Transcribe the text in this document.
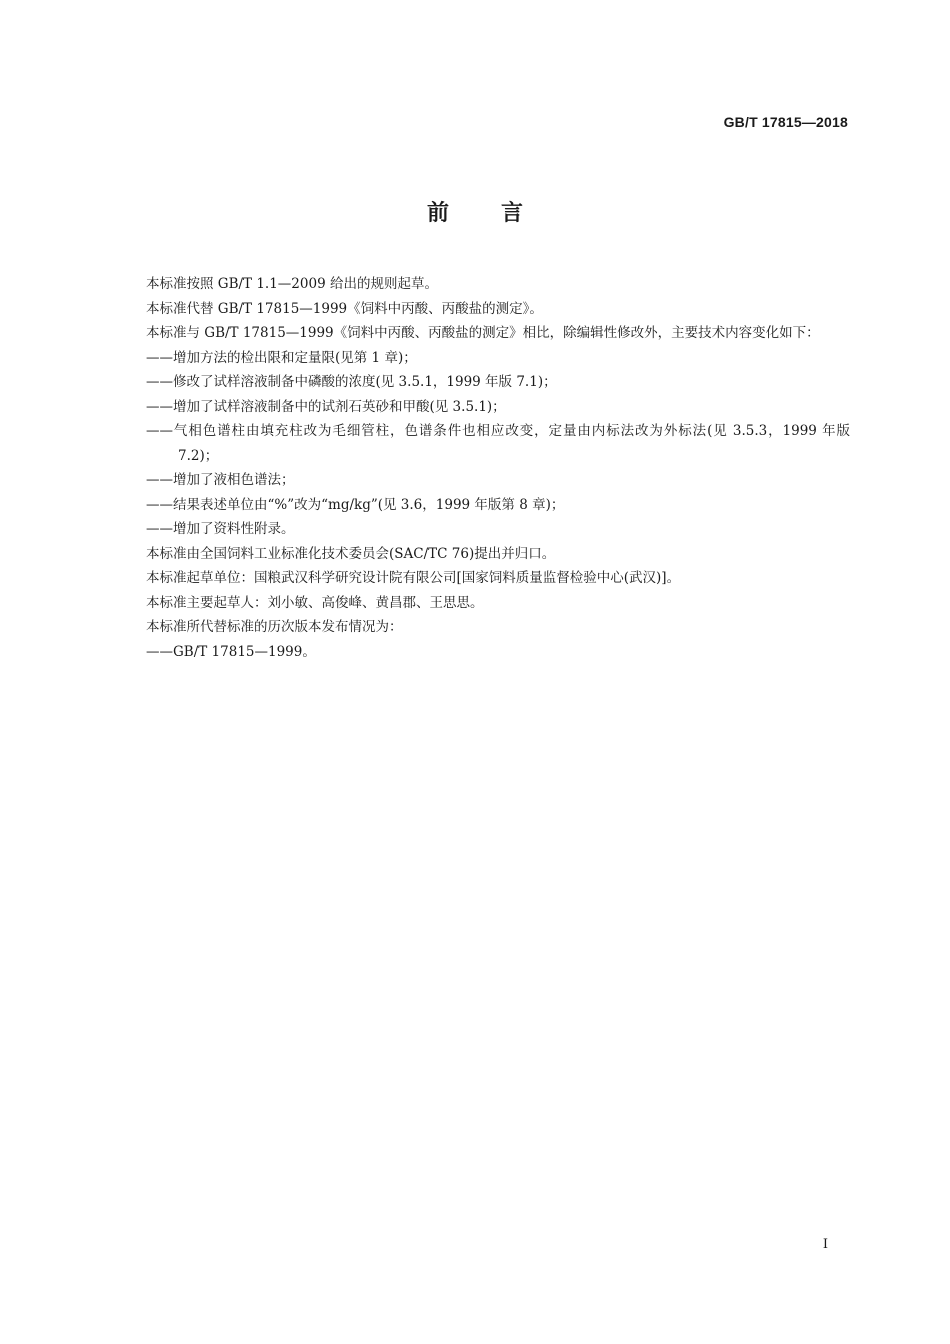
GB/T 17815—2018
前言

本标准按照 GB/T 1.1—2009 给出的规则起草。

本标准代替 GB/T 17815—1999《饲料中丙酸、丙酸盐的测定》。

本标准与 GB/T 17815—1999《饲料中丙酸、丙酸盐的测定》相比，除编辑性修改外，主要技术内容变化如下：

——增加方法的检出限和定量限(见第 1 章)；

——修改了试样溶液制备中磷酸的浓度(见 3.5.1，1999 年版 7.1)；

——增加了试样溶液制备中的试剂石英砂和甲酸(见 3.5.1)；

——气相色谱柱由填充柱改为毛细管柱，色谱条件也相应改变，定量由内标法改为外标法(见 3.5.3，1999 年版 7.2)；

——增加了液相色谱法；

——结果表述单位由“%”改为“mg/kg”(见 3.6，1999 年版第 8 章)；

——增加了资料性附录。

本标准由全国饲料工业标准化技术委员会(SAC/TC 76)提出并归口。

本标准起草单位：国粮武汉科学研究设计院有限公司[国家饲料质量监督检验中心(武汉)]。

本标准主要起草人：刘小敏、高俊峰、黄昌郡、王思思。

本标准所代替标准的历次版本发布情况为：

——GB/T 17815—1999。

I
